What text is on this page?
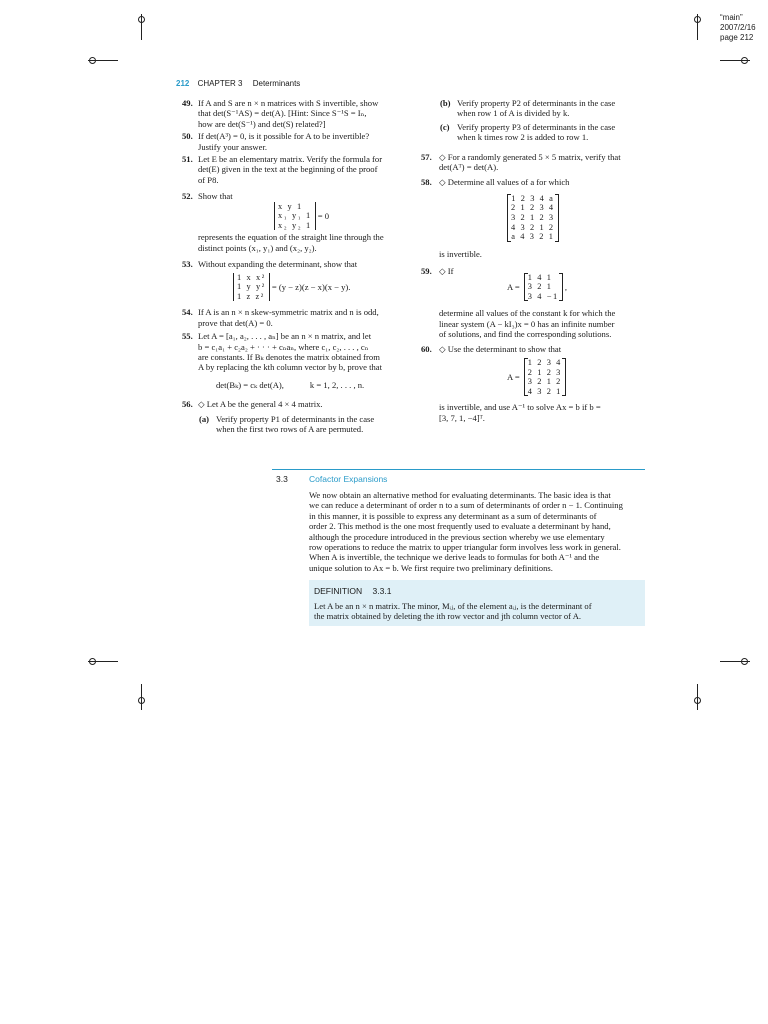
“main”
2007/2/16
page 212
212 CHAPTER 3 Determinants
49. If A and S are n × n matrices with S invertible, show
that det(S⁻¹AS) = det(A). [Hint: Since S⁻¹S = Iₙ,
how are det(S⁻¹) and det(S) related?]
50. If det(A³) = 0, is it possible for A to be invertible?
Justify your answer.
51. Let E be an elementary matrix. Verify the formula for
det(E) given in the text at the beginning of the proof
of P8.
52. Show that
x y 1
x₁ y₁ 1
x₂ y₂ 1
= 0
represents the equation of the straight line through the
distinct points (x₁, y₁) and (x₂, y₂).
53. Without expanding the determinant, show that
1 x x²
1 y y²
1 z z²
= (y − z)(z − x)(x − y).
54. If A is an n × n skew-symmetric matrix and n is odd,
prove that det(A) = 0.
55. Let A = [a₁, a₂, . . . , aₙ] be an n × n matrix, and let
b = c₁a₁ + c₂a₂ + · · · + cₙaₙ, where c₁, c₂, . . . , cₙ
are constants. If Bₖ denotes the matrix obtained from
A by replacing the kth column vector by b, prove that
det(Bₖ) = cₖ det(A),	k = 1, 2, . . . , n.
56. ◇ Let A be the general 4 × 4 matrix.
(a) Verify property P1 of determinants in the case
when the first two rows of A are permuted.
(b) Verify property P2 of determinants in the case
when row 1 of A is divided by k.
(c) Verify property P3 of determinants in the case
when k times row 2 is added to row 1.
57. ◇ For a randomly generated 5 × 5 matrix, verify that
det(Aᵀ) = det(A).
58. ◇ Determine all values of a for which
1 2 3 4 a
2 1 2 3 4
3 2 1 2 3
4 3 2 1 2
a 4 3 2 1
is invertible.
59. ◇ If
A =
1 4 1
3 2 1
3 4 −1
,
determine all values of the constant k for which the
linear system (A − kI₃)x = 0 has an infinite number
of solutions, and find the corresponding solutions.
60. ◇ Use the determinant to show that
A =
1 2 3 4
2 1 2 3
3 2 1 2
4 3 2 1
is invertible, and use A⁻¹ to solve Ax = b if b =
[3, 7, 1, −4]ᵀ.
3.3 Cofactor Expansions
We now obtain an alternative method for evaluating determinants. The basic idea is that
we can reduce a determinant of order n to a sum of determinants of order n − 1. Continuing
in this manner, it is possible to express any determinant as a sum of determinants of
order 2. This method is the one most frequently used to evaluate a determinant by hand,
although the procedure introduced in the previous section whereby we use elementary
row operations to reduce the matrix to upper triangular form involves less work in general.
When A is invertible, the technique we derive leads to formulas for both A⁻¹ and the
unique solution to Ax = b. We first require two preliminary definitions.
DEFINITION 3.3.1
Let A be an n × n matrix. The minor, Mᵢⱼ, of the element aᵢⱼ, is the determinant of
the matrix obtained by deleting the ith row vector and jth column vector of A.
